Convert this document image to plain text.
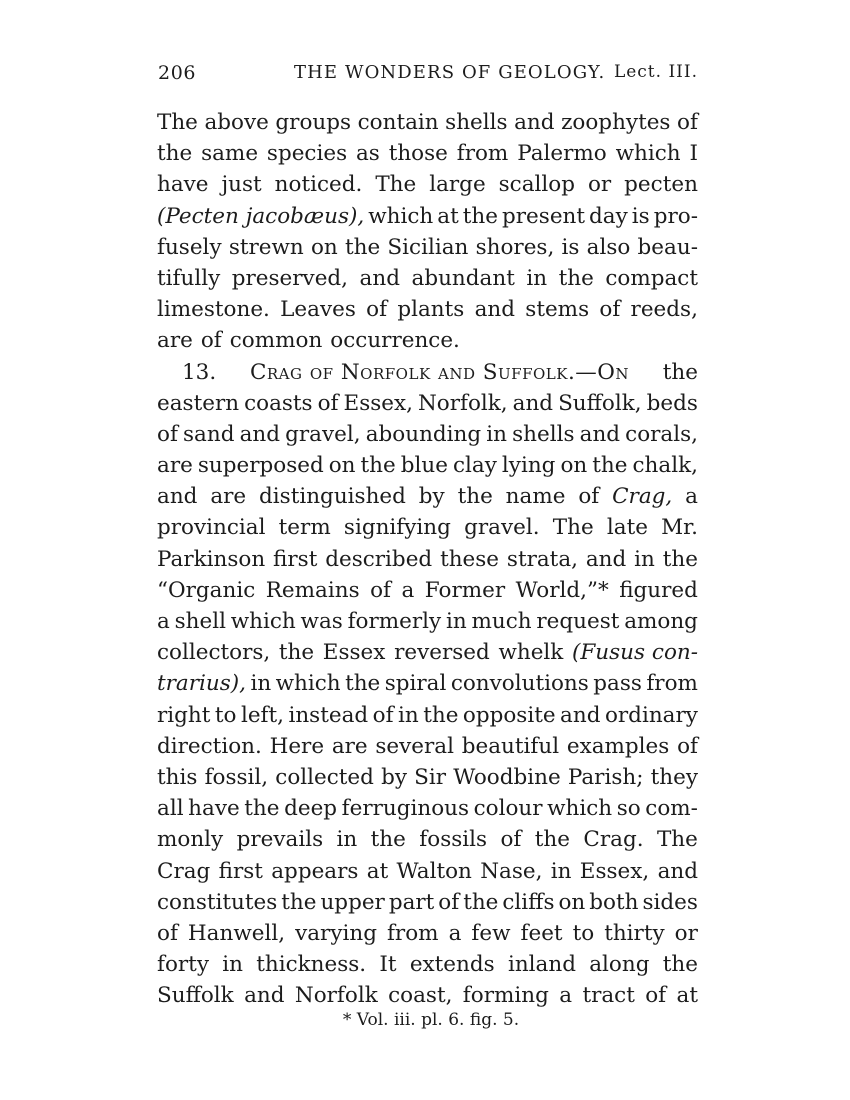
206	THE WONDERS OF GEOLOGY. Lect. III.
The above groups contain shells and zoophytes of
the same species as those from Palermo which I
have just noticed. The large scallop or pecten
(Pecten jacobæus), which at the present day is pro-
fusely strewn on the Sicilian shores, is also beau-
tifully preserved, and abundant in the compact
limestone. Leaves of plants and stems of reeds,
are of common occurrence.
13. Crag of Norfolk and Suffolk.—On the
eastern coasts of Essex, Norfolk, and Suffolk, beds
of sand and gravel, abounding in shells and corals,
are superposed on the blue clay lying on the chalk,
and are distinguished by the name of Crag, a
provincial term signifying gravel. The late Mr.
Parkinson first described these strata, and in the
“Organic Remains of a Former World,”* figured
a shell which was formerly in much request among
collectors, the Essex reversed whelk (Fusus con-
trarius), in which the spiral convolutions pass from
right to left, instead of in the opposite and ordinary
direction. Here are several beautiful examples of
this fossil, collected by Sir Woodbine Parish; they
all have the deep ferruginous colour which so com-
monly prevails in the fossils of the Crag. The
Crag first appears at Walton Nase, in Essex, and
constitutes the upper part of the cliffs on both sides
of Hanwell, varying from a few feet to thirty or
forty in thickness. It extends inland along the
Suffolk and Norfolk coast, forming a tract of at
* Vol. iii. pl. 6. fig. 5.
